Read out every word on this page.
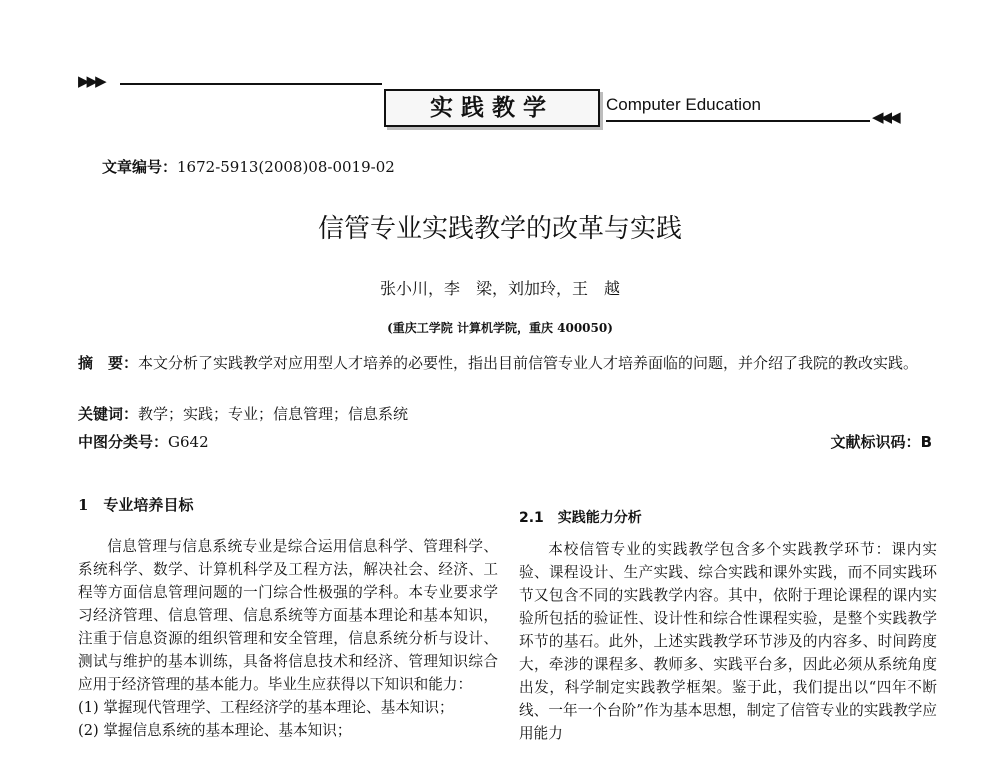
▶▶▶
实践教学	Computer Education
◀◀◀
文章编号：1672-5913(2008)08-0019-02
信管专业实践教学的改革与实践
张小川，李　梁，刘加玲，王　越
(重庆工学院 计算机学院，重庆 400050)
摘　要：本文分析了实践教学对应用型人才培养的必要性，指出目前信管专业人才培养面临的问题，并介绍了我院的教改实践。
关键词：教学；实践；专业；信息管理；信息系统
中图分类号：G642	文献标识码：B
1　专业培养目标
2.1　实践能力分析

信息管理与信息系统专业是综合运用信息科学、管理科学、系统科学、数学、计算机科学及工程方法，解决社会、经济、工程等方面信息管理问题的一门综合性极强的学科。本专业要求学习经济管理、信息管理、信息系统等方面基本理论和基本知识，注重于信息资源的组织管理和安全管理，信息系统分析与设计、测试与维护的基本训练，具备将信息技术和经济、管理知识综合应用于经济管理的基本能力。毕业生应获得以下知识和能力：

(1) 掌握现代管理学、工程经济学的基本理论、基本知识；
(2) 掌握信息系统的基本理论、基本知识；

本校信管专业的实践教学包含多个实践教学环节：课内实验、课程设计、生产实践、综合实践和课外实践，而不同实践环节又包含不同的实践教学内容。其中，依附于理论课程的课内实验所包括的验证性、设计性和综合性课程实验，是整个实践教学环节的基石。此外，上述实践教学环节涉及的内容多、时间跨度大，牵涉的课程多、教师多、实践平台多，因此必须从系统角度出发，科学制定实践教学框架。鉴于此，我们提出以“四年不断线、一年一个台阶”作为基本思想，制定了信管专业的实践教学应用能力
